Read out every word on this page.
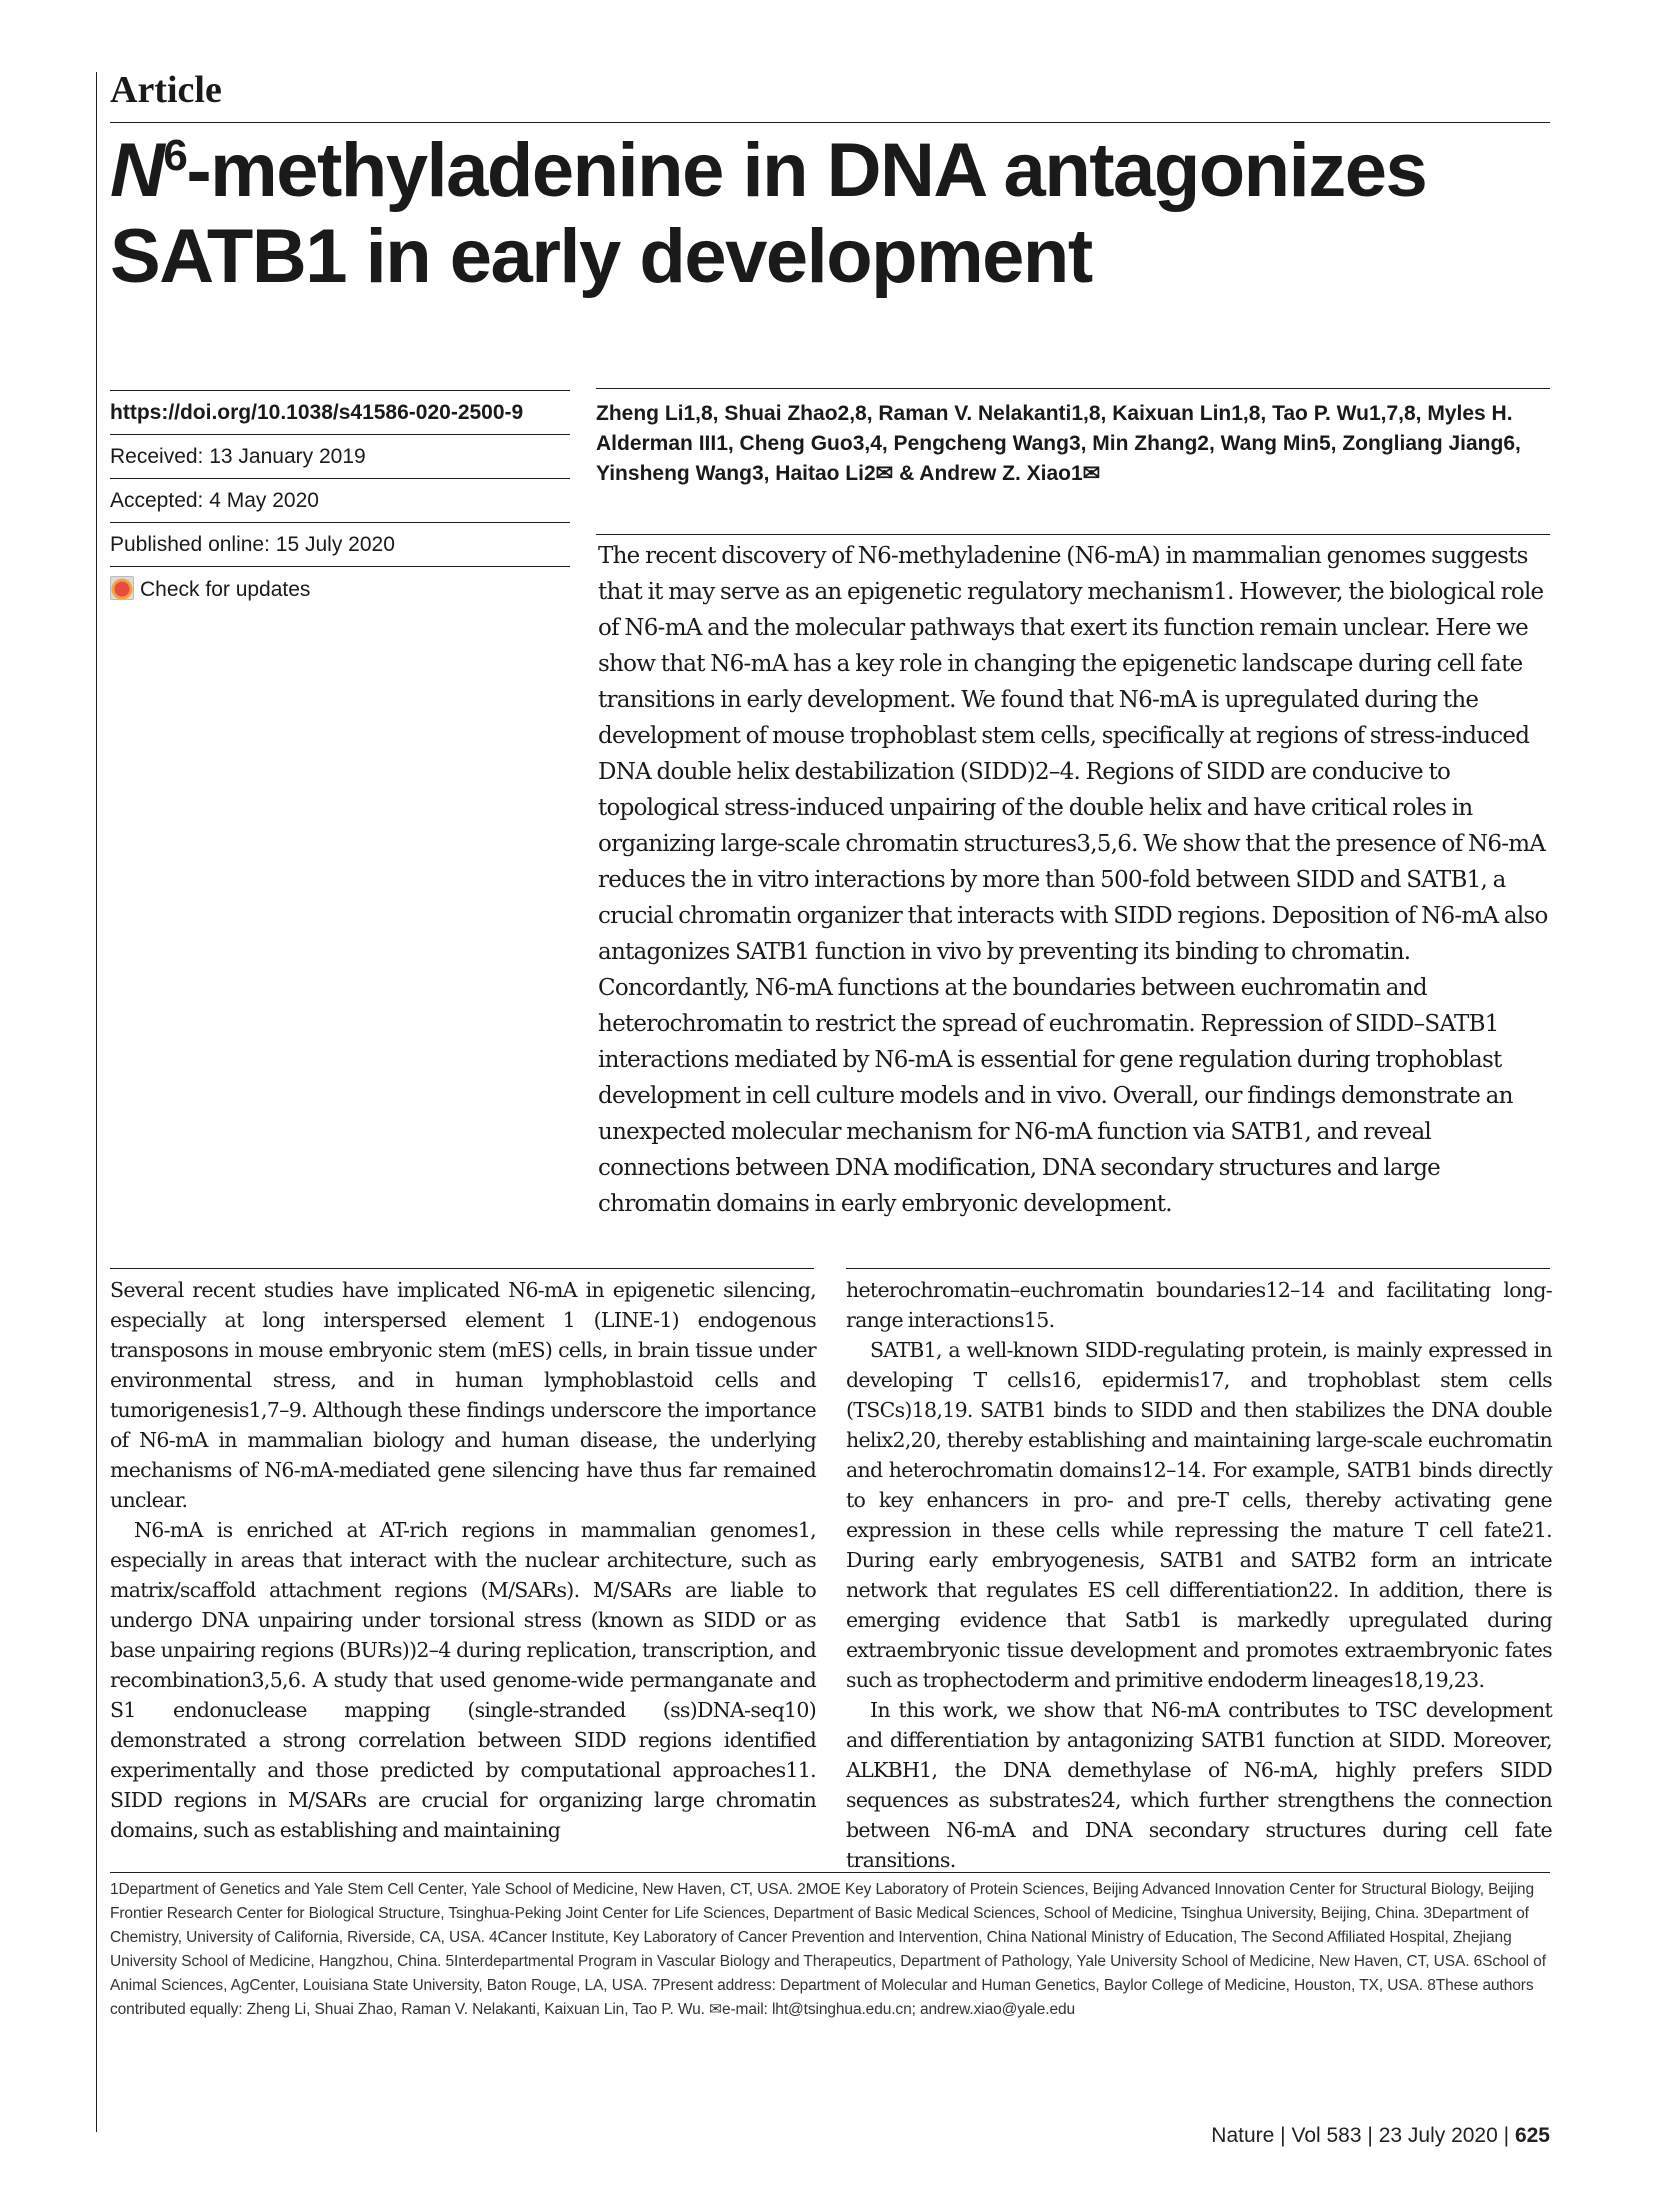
Article
$N^6$-methyladenine in DNA antagonizes
SATB1 in early development
https://doi.org/10.1038/s41586-020-2500-9
Received: 13 January 2019
Accepted: 4 May 2020
Published online: 15 July 2020
Check for updates
Zheng Li1,8, Shuai Zhao2,8, Raman V. Nelakanti1,8, Kaixuan Lin1,8, Tao P. Wu1,7,8, Myles H. Alderman III1, Cheng Guo3,4, Pengcheng Wang3, Min Zhang2, Wang Min5, Zongliang Jiang6, Yinsheng Wang3, Haitao Li2✉ & Andrew Z. Xiao1✉

The recent discovery of N6-methyladenine (N6-mA) in mammalian genomes suggests that it may serve as an epigenetic regulatory mechanism1. However, the biological role of N6-mA and the molecular pathways that exert its function remain unclear. Here we show that N6-mA has a key role in changing the epigenetic landscape during cell fate transitions in early development. We found that N6-mA is upregulated during the development of mouse trophoblast stem cells, specifically at regions of stress-induced DNA double helix destabilization (SIDD)2–4. Regions of SIDD are conducive to topological stress-induced unpairing of the double helix and have critical roles in organizing large-scale chromatin structures3,5,6. We show that the presence of N6-mA reduces the in vitro interactions by more than 500-fold between SIDD and SATB1, a crucial chromatin organizer that interacts with SIDD regions. Deposition of N6-mA also antagonizes SATB1 function in vivo by preventing its binding to chromatin. Concordantly, N6-mA functions at the boundaries between euchromatin and heterochromatin to restrict the spread of euchromatin. Repression of SIDD–SATB1 interactions mediated by N6-mA is essential for gene regulation during trophoblast development in cell culture models and in vivo. Overall, our findings demonstrate an unexpected molecular mechanism for N6-mA function via SATB1, and reveal connections between DNA modification, DNA secondary structures and large chromatin domains in early embryonic development.

Several recent studies have implicated N6-mA in epigenetic silencing, especially at long interspersed element 1 (LINE-1) endogenous transposons in mouse embryonic stem (mES) cells, in brain tissue under environmental stress, and in human lymphoblastoid cells and tumorigenesis1,7–9. Although these findings underscore the importance of N6-mA in mammalian biology and human disease, the underlying mechanisms of N6-mA-mediated gene silencing have thus far remained unclear.

N6-mA is enriched at AT-rich regions in mammalian genomes1, especially in areas that interact with the nuclear architecture, such as matrix/scaffold attachment regions (M/SARs). M/SARs are liable to undergo DNA unpairing under torsional stress (known as SIDD or as base unpairing regions (BURs))2–4 during replication, transcription, and recombination3,5,6. A study that used genome-wide permanganate and S1 endonuclease mapping (single-stranded (ss)DNA-seq10) demonstrated a strong correlation between SIDD regions identified experimentally and those predicted by computational approaches11. SIDD regions in M/SARs are crucial for organizing large chromatin domains, such as establishing and maintaining

heterochromatin–euchromatin boundaries12–14 and facilitating long-range interactions15.

SATB1, a well-known SIDD-regulating protein, is mainly expressed in developing T cells16, epidermis17, and trophoblast stem cells (TSCs)18,19. SATB1 binds to SIDD and then stabilizes the DNA double helix2,20, thereby establishing and maintaining large-scale euchromatin and heterochromatin domains12–14. For example, SATB1 binds directly to key enhancers in pro- and pre-T cells, thereby activating gene expression in these cells while repressing the mature T cell fate21. During early embryogenesis, SATB1 and SATB2 form an intricate network that regulates ES cell differentiation22. In addition, there is emerging evidence that Satb1 is markedly upregulated during extraembryonic tissue development and promotes extraembryonic fates such as trophectoderm and primitive endoderm lineages18,19,23.

In this work, we show that N6-mA contributes to TSC development and differentiation by antagonizing SATB1 function at SIDD. Moreover, ALKBH1, the DNA demethylase of N6-mA, highly prefers SIDD sequences as substrates24, which further strengthens the connection between N6-mA and DNA secondary structures during cell fate transitions.

1Department of Genetics and Yale Stem Cell Center, Yale School of Medicine, New Haven, CT, USA. 2MOE Key Laboratory of Protein Sciences, Beijing Advanced Innovation Center for Structural Biology, Beijing Frontier Research Center for Biological Structure, Tsinghua-Peking Joint Center for Life Sciences, Department of Basic Medical Sciences, School of Medicine, Tsinghua University, Beijing, China. 3Department of Chemistry, University of California, Riverside, CA, USA. 4Cancer Institute, Key Laboratory of Cancer Prevention and Intervention, China National Ministry of Education, The Second Affiliated Hospital, Zhejiang University School of Medicine, Hangzhou, China. 5Interdepartmental Program in Vascular Biology and Therapeutics, Department of Pathology, Yale University School of Medicine, New Haven, CT, USA. 6School of Animal Sciences, AgCenter, Louisiana State University, Baton Rouge, LA, USA. 7Present address: Department of Molecular and Human Genetics, Baylor College of Medicine, Houston, TX, USA. 8These authors contributed equally: Zheng Li, Shuai Zhao, Raman V. Nelakanti, Kaixuan Lin, Tao P. Wu. ✉e-mail: lht@tsinghua.edu.cn; andrew.xiao@yale.edu
Nature | Vol 583 | 23 July 2020 | 625
